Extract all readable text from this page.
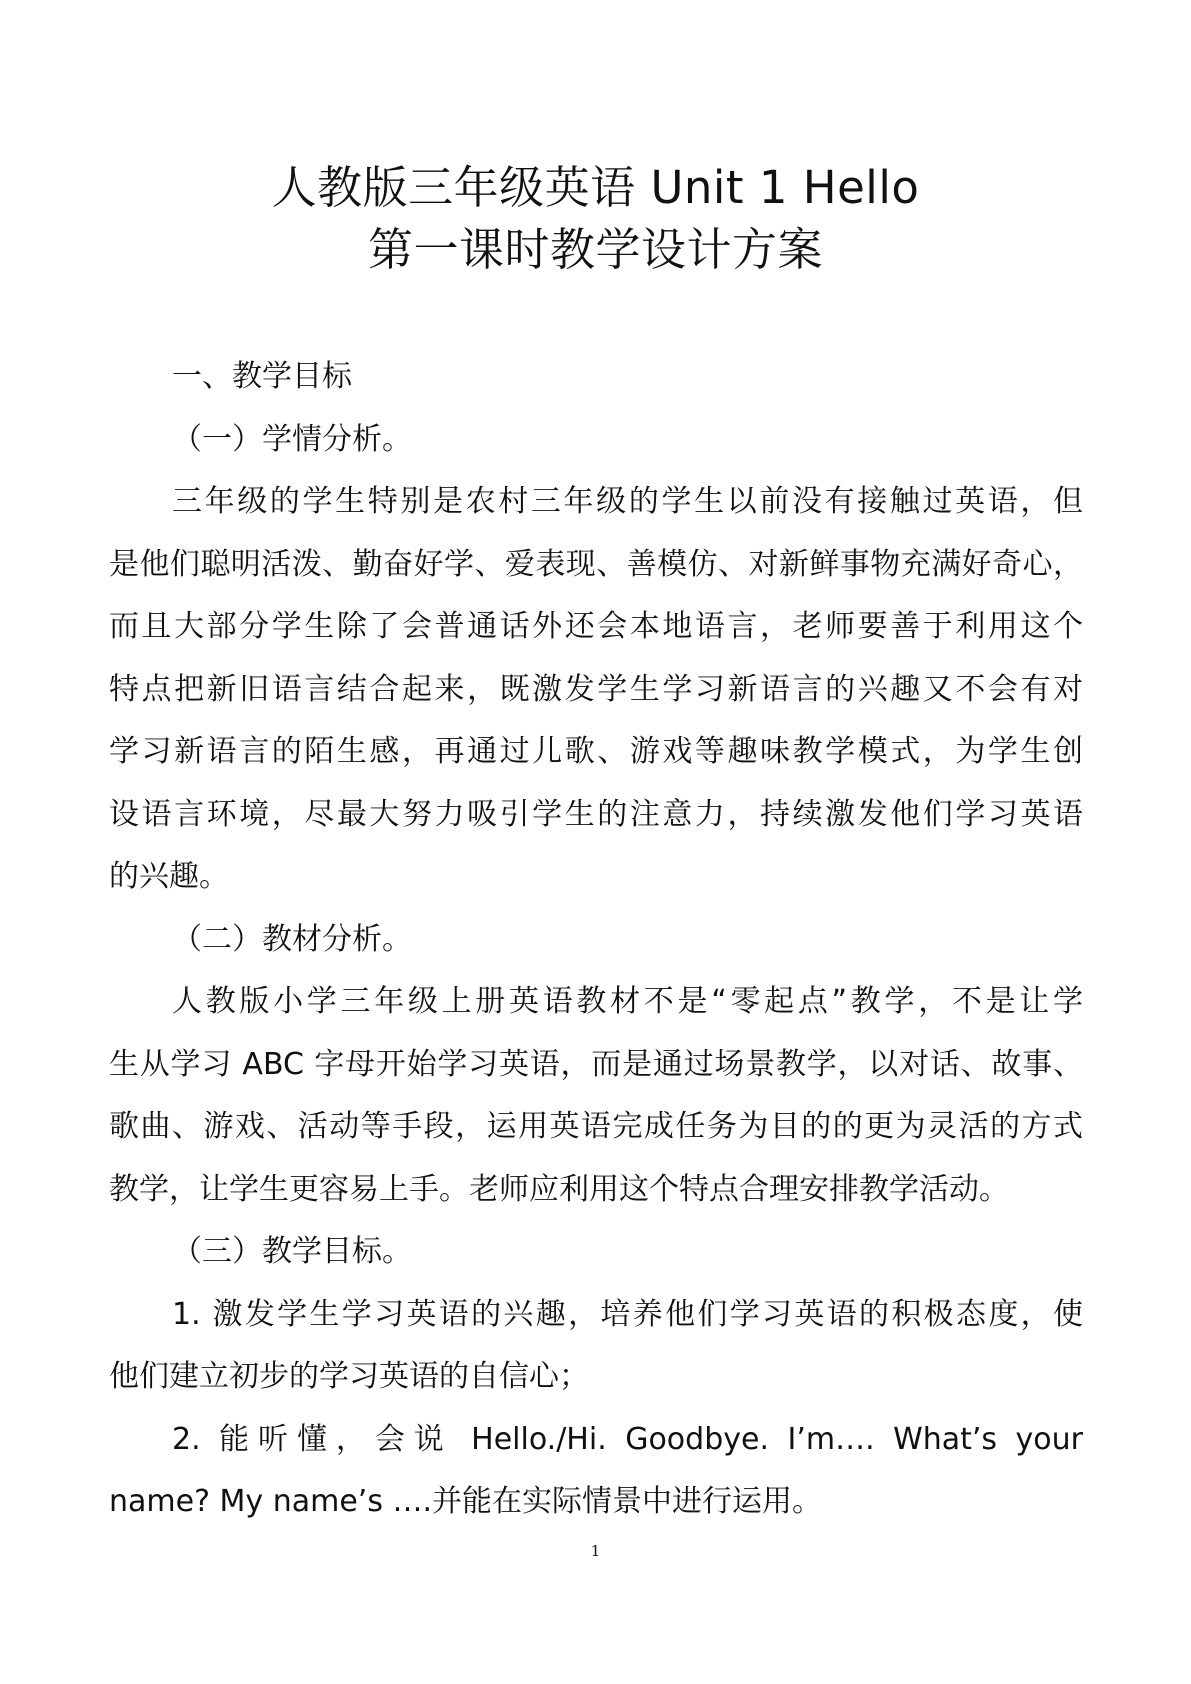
人教版三年级英语 Unit 1 Hello
第一课时教学设计方案
一、教学目标
（一）学情分析。
三年级的学生特别是农村三年级的学生以前没有接触过英语，但
是他们聪明活泼、勤奋好学、爱表现、善模仿、对新鲜事物充满好奇心，
而且大部分学生除了会普通话外还会本地语言，老师要善于利用这个
特点把新旧语言结合起来，既激发学生学习新语言的兴趣又不会有对
学习新语言的陌生感，再通过儿歌、游戏等趣味教学模式，为学生创
设语言环境，尽最大努力吸引学生的注意力，持续激发他们学习英语
的兴趣。
（二）教材分析。
人教版小学三年级上册英语教材不是“零起点”教学，不是让学
生从学习 ABC 字母开始学习英语，而是通过场景教学，以对话、故事、
歌曲、游戏、活动等手段，运用英语完成任务为目的的更为灵活的方式
教学，让学生更容易上手。老师应利用这个特点合理安排教学活动。
（三）教学目标。
1. 激发学生学习英语的兴趣，培养他们学习英语的积极态度，使
他们建立初步的学习英语的自信心；
2. 能听懂，会说 Hello./Hi. Goodbye. I’m…. What’s your
name? My name’s ….并能在实际情景中进行运用。
1
